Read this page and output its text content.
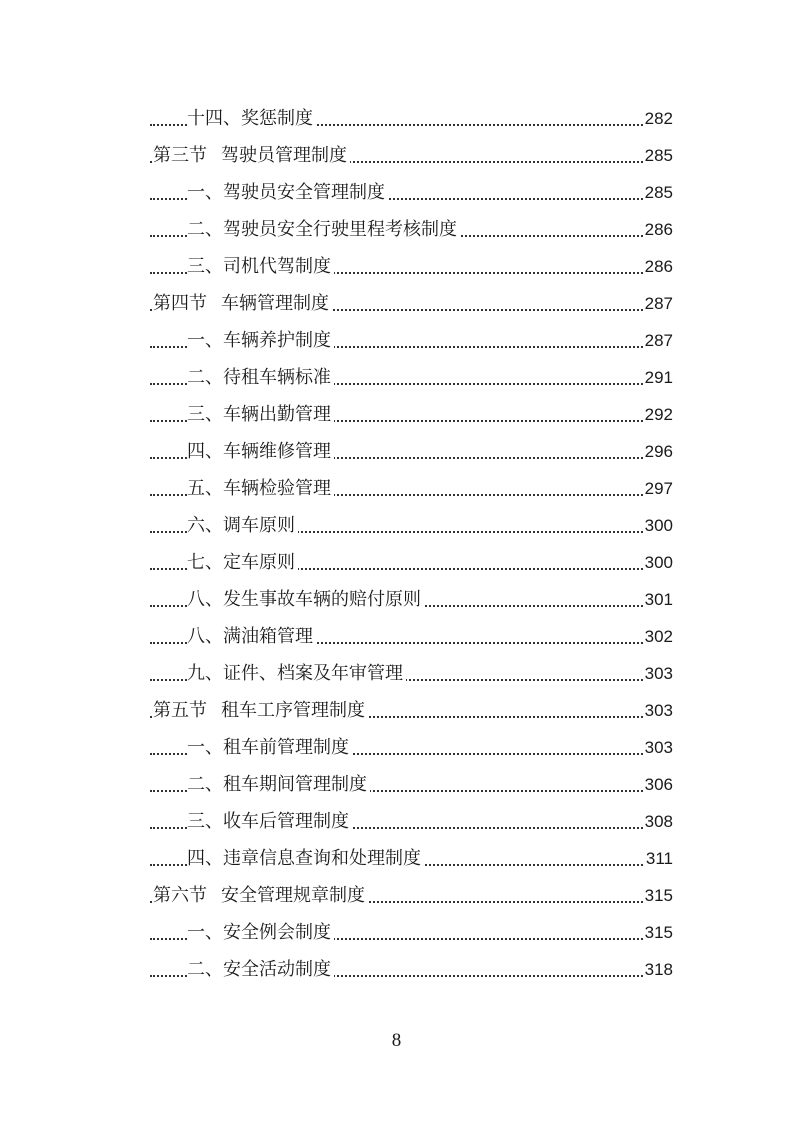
十四、奖惩制度	282
第三节 驾驶员管理制度	285
一、驾驶员安全管理制度	285
二、驾驶员安全行驶里程考核制度	286
三、司机代驾制度	286
第四节 车辆管理制度	287
一、车辆养护制度	287
二、待租车辆标准	291
三、车辆出勤管理	292
四、车辆维修管理	296
五、车辆检验管理	297
六、调车原则	300
七、定车原则	300
八、发生事故车辆的赔付原则	301
八、满油箱管理	302
九、证件、档案及年审管理	303
第五节 租车工序管理制度	303
一、租车前管理制度	303
二、租车期间管理制度	306
三、收车后管理制度	308
四、违章信息查询和处理制度	311
第六节 安全管理规章制度	315
一、安全例会制度	315
二、安全活动制度	318
8
